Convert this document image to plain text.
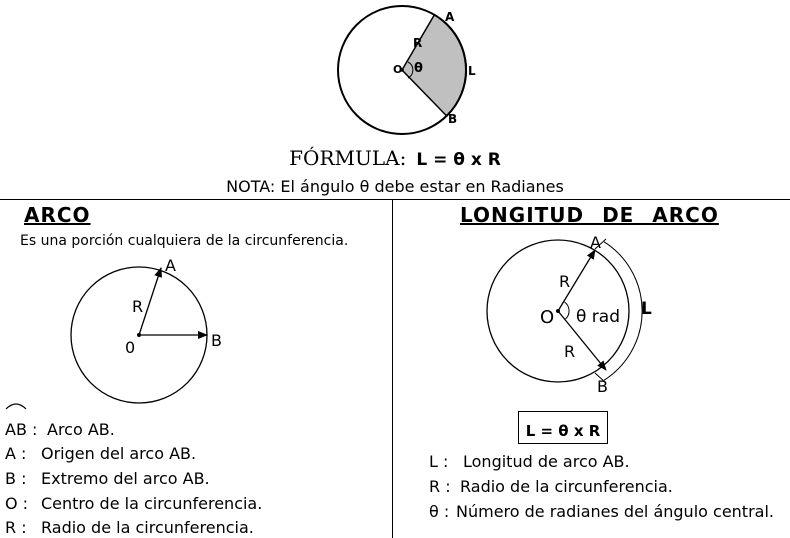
A
R
O θ	L
B
FÓRMULA: L = θ x R
NOTA: El ángulo θ debe estar en Radianes
ARCO
Es una porción cualquiera de la circunferencia.
A
R
0	B
AB : Arco AB.
A : Origen del arco AB.
B : Extremo del arco AB.
O : Centro de la circunferencia.
R : Radio de la circunferencia.
LONGITUD DE ARCO
A
R
O θ rad L
R
B
L = θ x R
L : Longitud de arco AB.
R : Radio de la circunferencia.
θ : Número de radianes del ángulo central.
